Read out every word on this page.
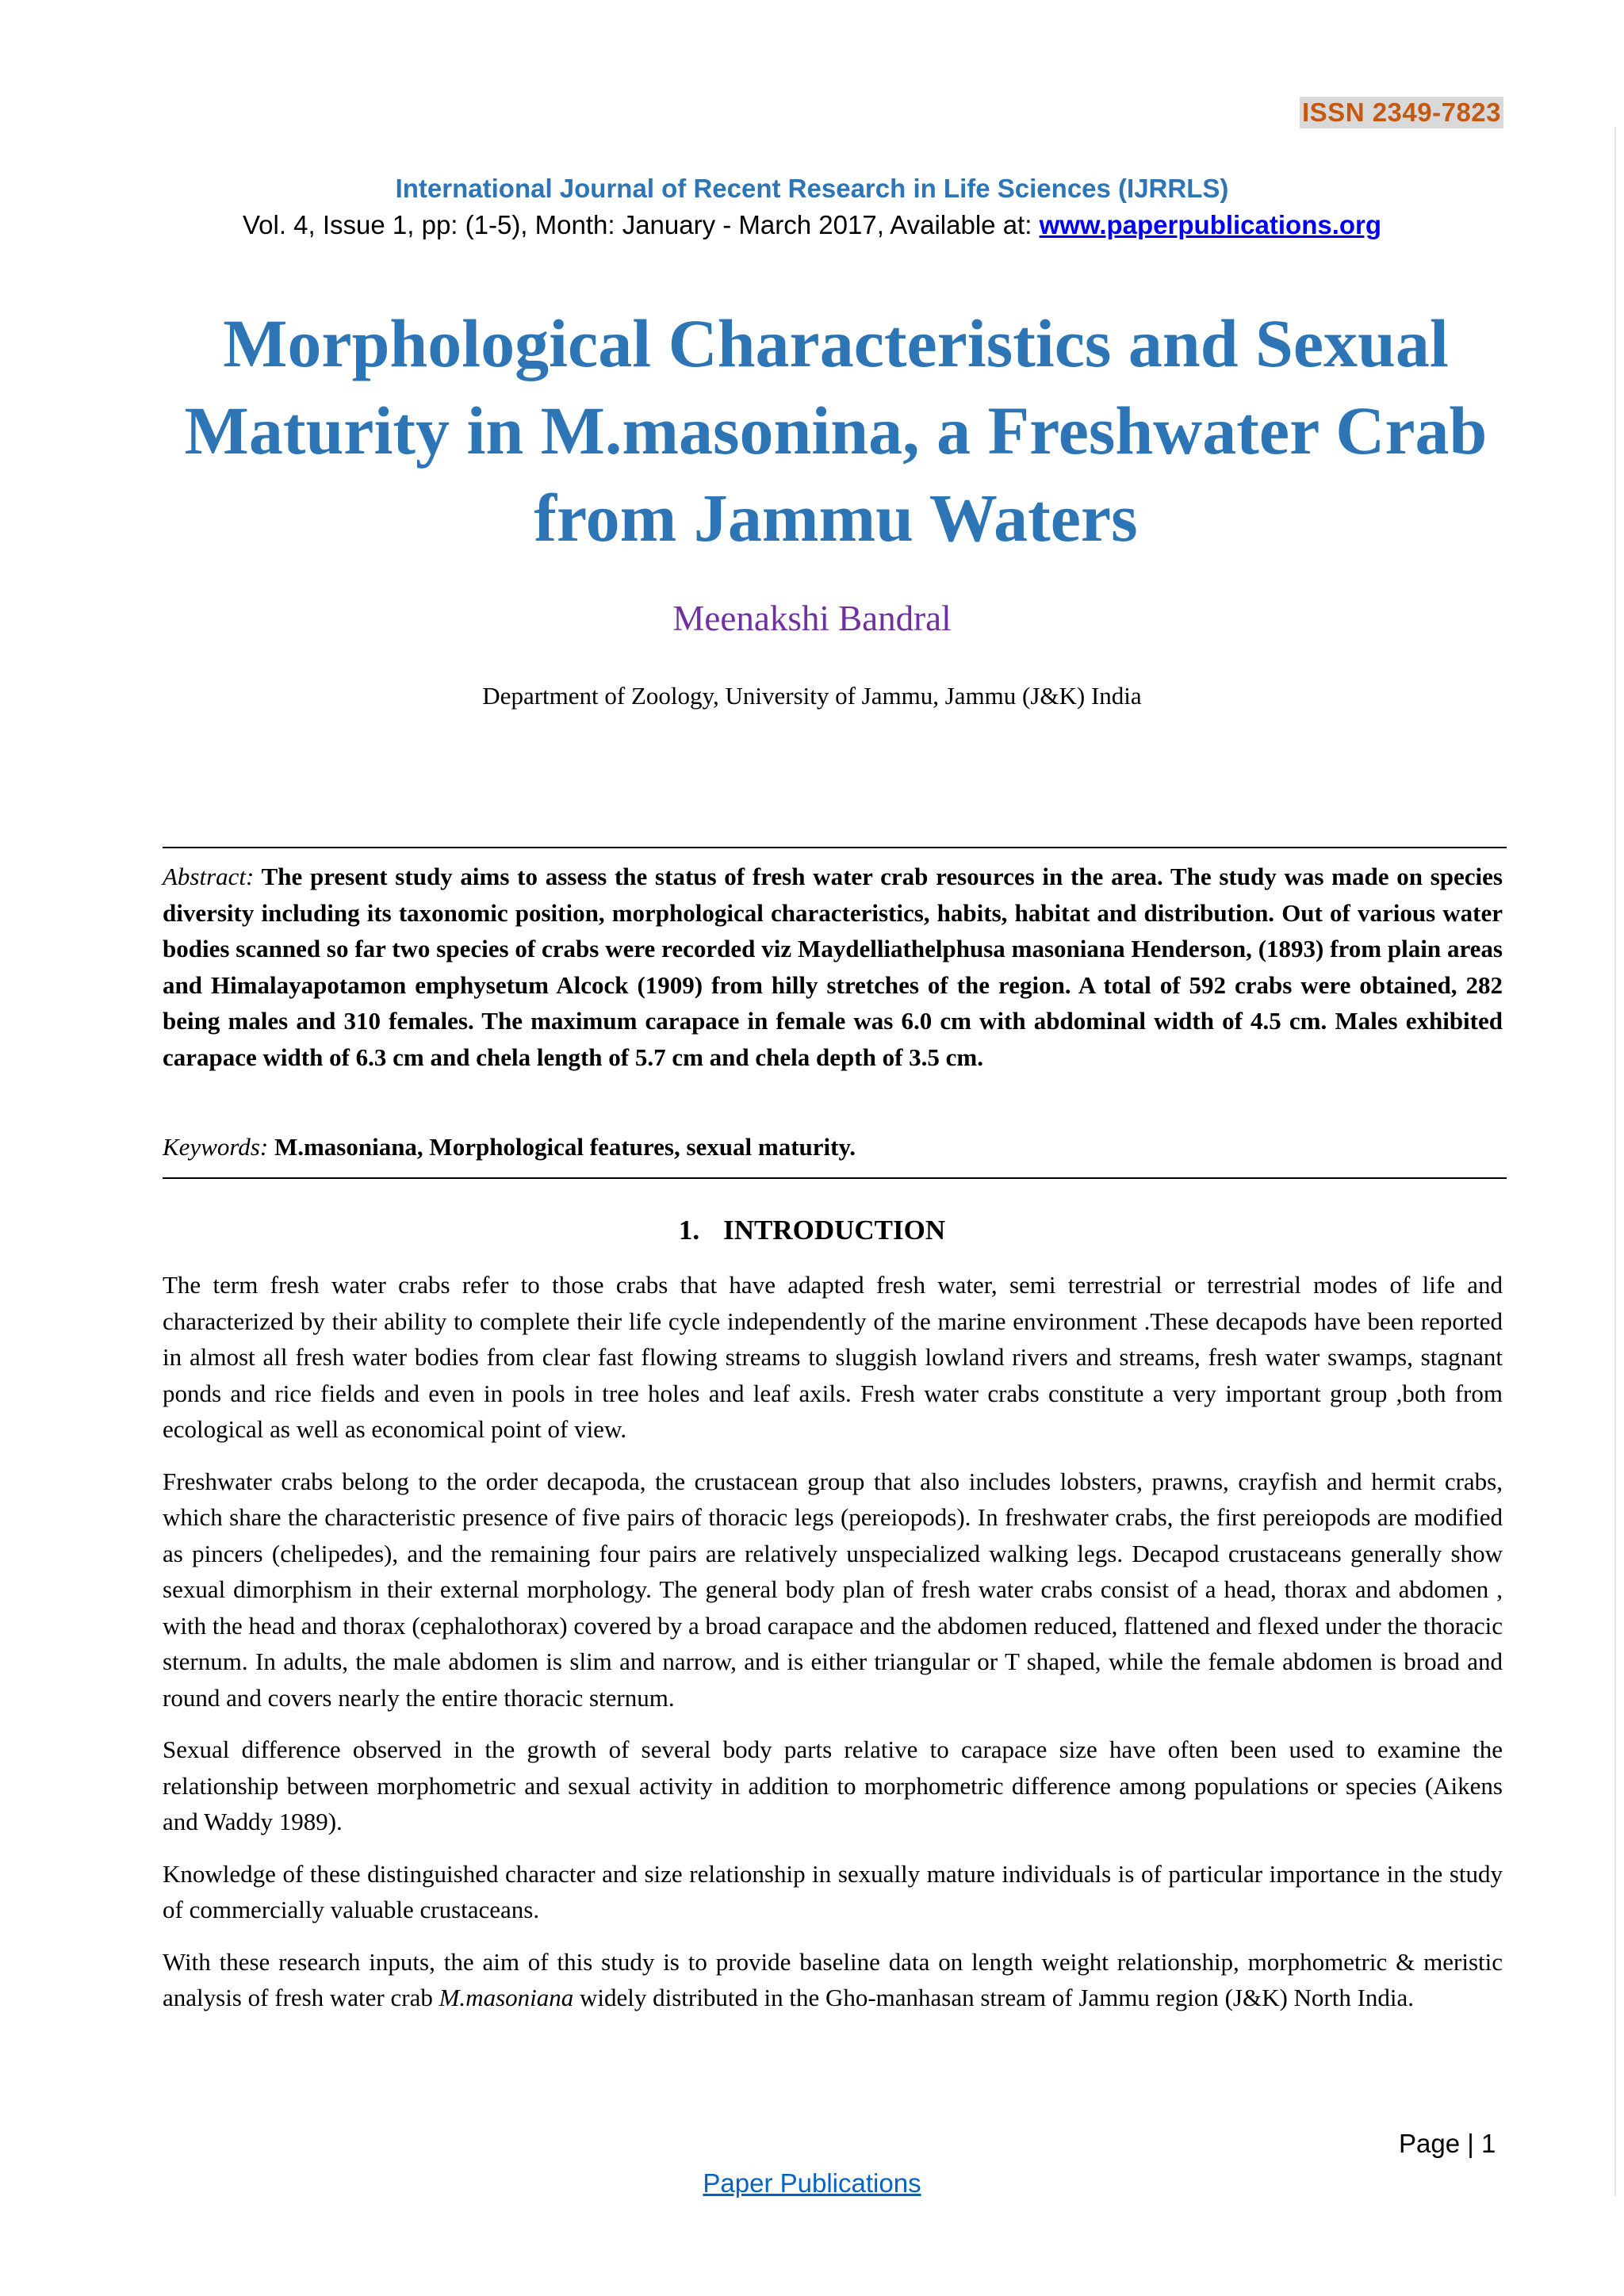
ISSN 2349-7823
International Journal of Recent Research in Life Sciences (IJRRLS)
Vol. 4, Issue 1, pp: (1-5), Month: January - March 2017, Available at: www.paperpublications.org
Morphological Characteristics and Sexual Maturity in M.masonina, a Freshwater Crab from Jammu Waters
Meenakshi Bandral
Department of Zoology, University of Jammu, Jammu (J&K) India
Abstract: The present study aims to assess the status of fresh water crab resources in the area. The study was made on species diversity including its taxonomic position, morphological characteristics, habits, habitat and distribution. Out of various water bodies scanned so far two species of crabs were recorded viz Maydelliathelphusa masoniana Henderson, (1893) from plain areas and Himalayapotamon emphysetum Alcock (1909) from hilly stretches of the region. A total of 592 crabs were obtained, 282 being males and 310 females. The maximum carapace in female was 6.0 cm with abdominal width of 4.5 cm. Males exhibited carapace width of 6.3 cm and chela length of 5.7 cm and chela depth of 3.5 cm.
Keywords: M.masoniana, Morphological features, sexual maturity.
1. INTRODUCTION

The term fresh water crabs refer to those crabs that have adapted fresh water, semi terrestrial or terrestrial modes of life and characterized by their ability to complete their life cycle independently of the marine environment .These decapods have been reported in almost all fresh water bodies from clear fast flowing streams to sluggish lowland rivers and streams, fresh water swamps, stagnant ponds and rice fields and even in pools in tree holes and leaf axils. Fresh water crabs constitute a very important group ,both from ecological as well as economical point of view.

Freshwater crabs belong to the order decapoda, the crustacean group that also includes lobsters, prawns, crayfish and hermit crabs, which share the characteristic presence of five pairs of thoracic legs (pereiopods). In freshwater crabs, the first pereiopods are modified as pincers (chelipedes), and the remaining four pairs are relatively unspecialized walking legs. Decapod crustaceans generally show sexual dimorphism in their external morphology. The general body plan of fresh water crabs consist of a head, thorax and abdomen , with the head and thorax (cephalothorax) covered by a broad carapace and the abdomen reduced, flattened and flexed under the thoracic sternum. In adults, the male abdomen is slim and narrow, and is either triangular or T shaped, while the female abdomen is broad and round and covers nearly the entire thoracic sternum.

Sexual difference observed in the growth of several body parts relative to carapace size have often been used to examine the relationship between morphometric and sexual activity in addition to morphometric difference among populations or species (Aikens and Waddy 1989).

Knowledge of these distinguished character and size relationship in sexually mature individuals is of particular importance in the study of commercially valuable crustaceans.

With these research inputs, the aim of this study is to provide baseline data on length weight relationship, morphometric & meristic analysis of fresh water crab M.masoniana widely distributed in the Gho-manhasan stream of Jammu region (J&K) North India.

Page | 1
Paper Publications
